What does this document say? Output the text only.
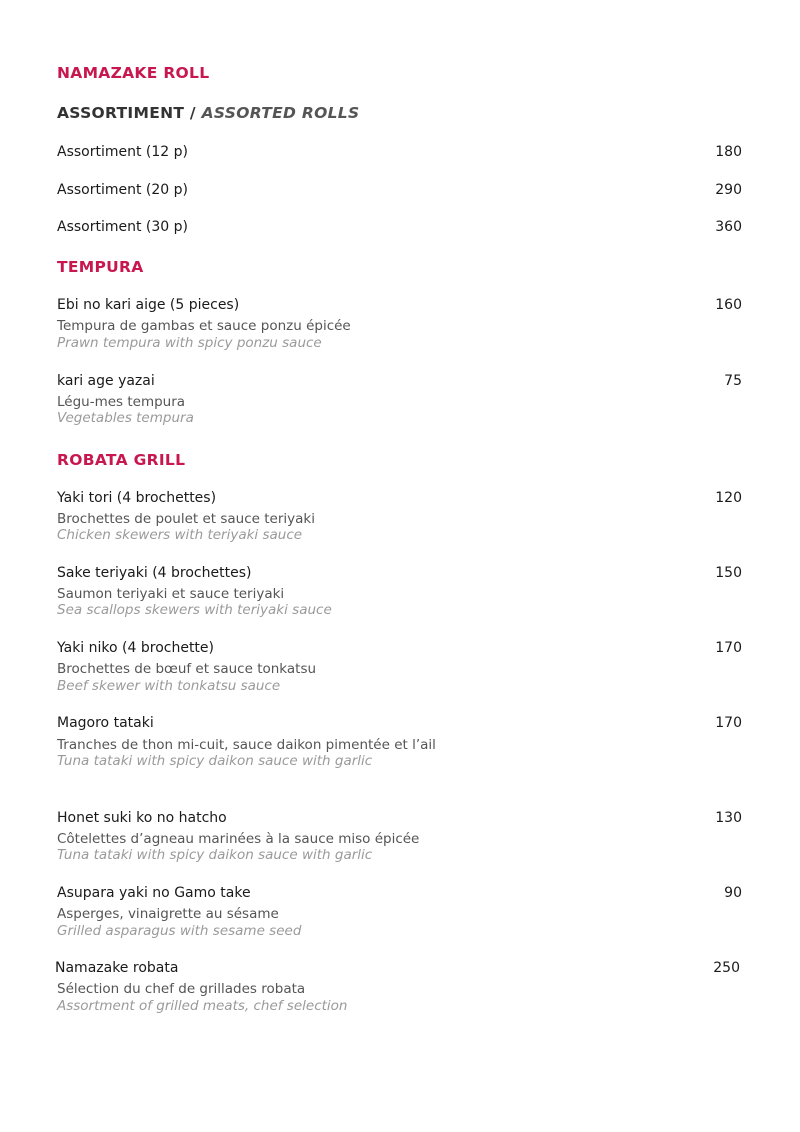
NAMAZAKE ROLL
ASSORTIMENT / ASSORTED ROLLS
Assortiment (12 p)	180
Assortiment (20 p)	290
Assortiment (30 p)	360
TEMPURA
Ebi no kari aige (5 pieces)	160
Tempura de gambas et sauce ponzu épicée
Prawn tempura with spicy ponzu sauce
kari age yazai	75
Légu-mes tempura
Vegetables tempura
ROBATA GRILL
Yaki tori (4 brochettes)	120
Brochettes de poulet et sauce teriyaki
Chicken skewers with teriyaki sauce
Sake teriyaki (4 brochettes)	150
Saumon teriyaki et sauce teriyaki
Sea scallops skewers with teriyaki sauce
Yaki niko (4 brochette)	170
Brochettes de bœuf et sauce tonkatsu
Beef skewer with tonkatsu sauce
Magoro tataki	170
Tranches de thon mi-cuit, sauce daikon pimentée et l’ail
Tuna tataki with spicy daikon sauce with garlic
Honet suki ko no hatcho	130
Côtelettes d’agneau marinées à la sauce miso épicée
Tuna tataki with spicy daikon sauce with garlic
Asupara yaki no Gamo take	90
Asperges, vinaigrette au sésame
Grilled asparagus with sesame seed
Namazake robata	250
Sélection du chef de grillades robata
Assortment of grilled meats, chef selection
